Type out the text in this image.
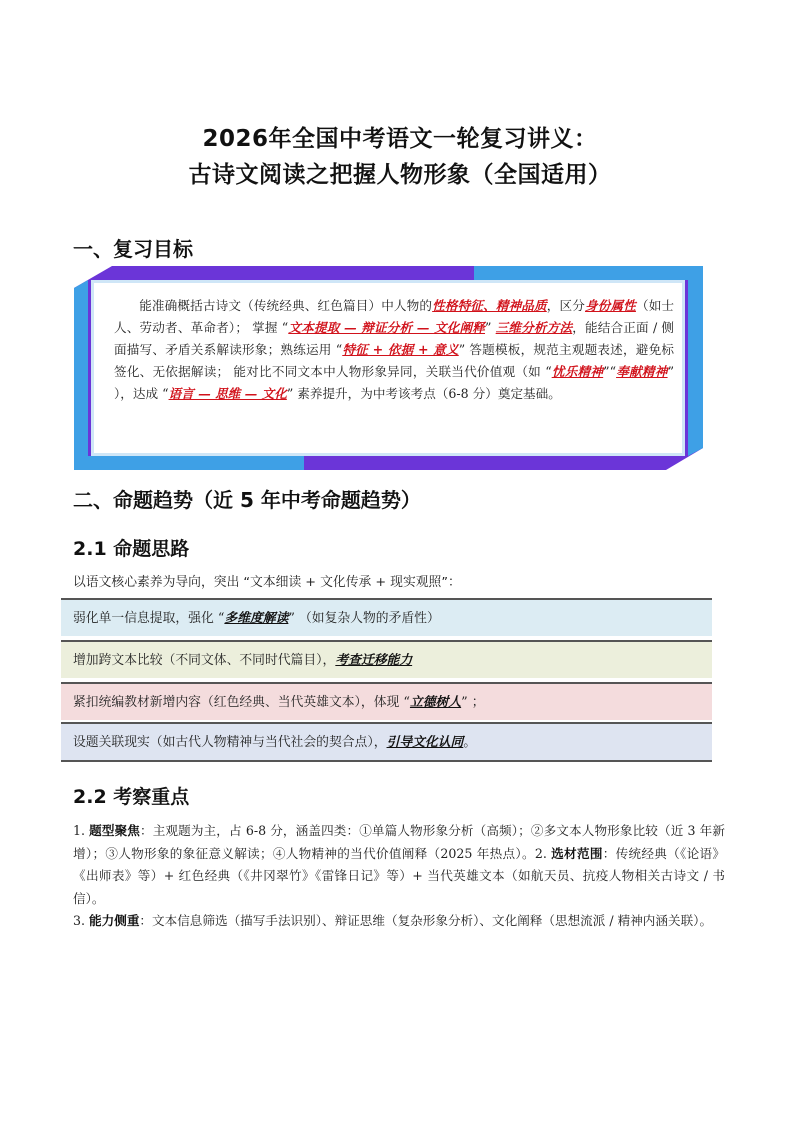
2026年全国中考语文一轮复习讲义：
古诗文阅读之把握人物形象（全国适用）
一、复习目标
能准确概括古诗文（传统经典、红色篇目）中人物的性格特征、精神品质，区分身份属性（如士人、劳动者、革命者）； 掌握 “文本提取 — 辩证分析 — 文化阐释” 三维分析方法，能结合正面 / 侧面描写、矛盾关系解读形象；熟练运用 “特征 + 依据 + 意义” 答题模板，规范主观题表述，避免标签化、无依据解读； 能对比不同文本中人物形象异同，关联当代价值观（如 “忧乐精神”“奉献精神” ），达成 “语言 — 思维 — 文化” 素养提升，为中考该考点（6-8 分）奠定基础。
二、命题趋势（近 5 年中考命题趋势）
2.1 命题思路
以语文核心素养为导向，突出 “文本细读 + 文化传承 + 现实观照”：
弱化单一信息提取，强化 “多维度解读” （如复杂人物的矛盾性）
增加跨文本比较（不同文体、不同时代篇目），考查迁移能力
紧扣统编教材新增内容（红色经典、当代英雄文本），体现 “立德树人” ；
设题关联现实（如古代人物精神与当代社会的契合点），引导文化认同。
2.2 考察重点
1. 题型聚焦：主观题为主，占 6-8 分，涵盖四类：①单篇人物形象分析（高频）；②多文本人物形象比较（近 3 年新增）；③人物形象的象征意义解读；④人物精神的当代价值阐释（2025 年热点）。2. 选材范围：传统经典（《论语》《出师表》等）+ 红色经典（《井冈翠竹》《雷锋日记》等）+ 当代英雄文本（如航天员、抗疫人物相关古诗文 / 书信）。
3. 能力侧重：文本信息筛选（描写手法识别）、辩证思维（复杂形象分析）、文化阐释（思想流派 / 精神内涵关联）。
